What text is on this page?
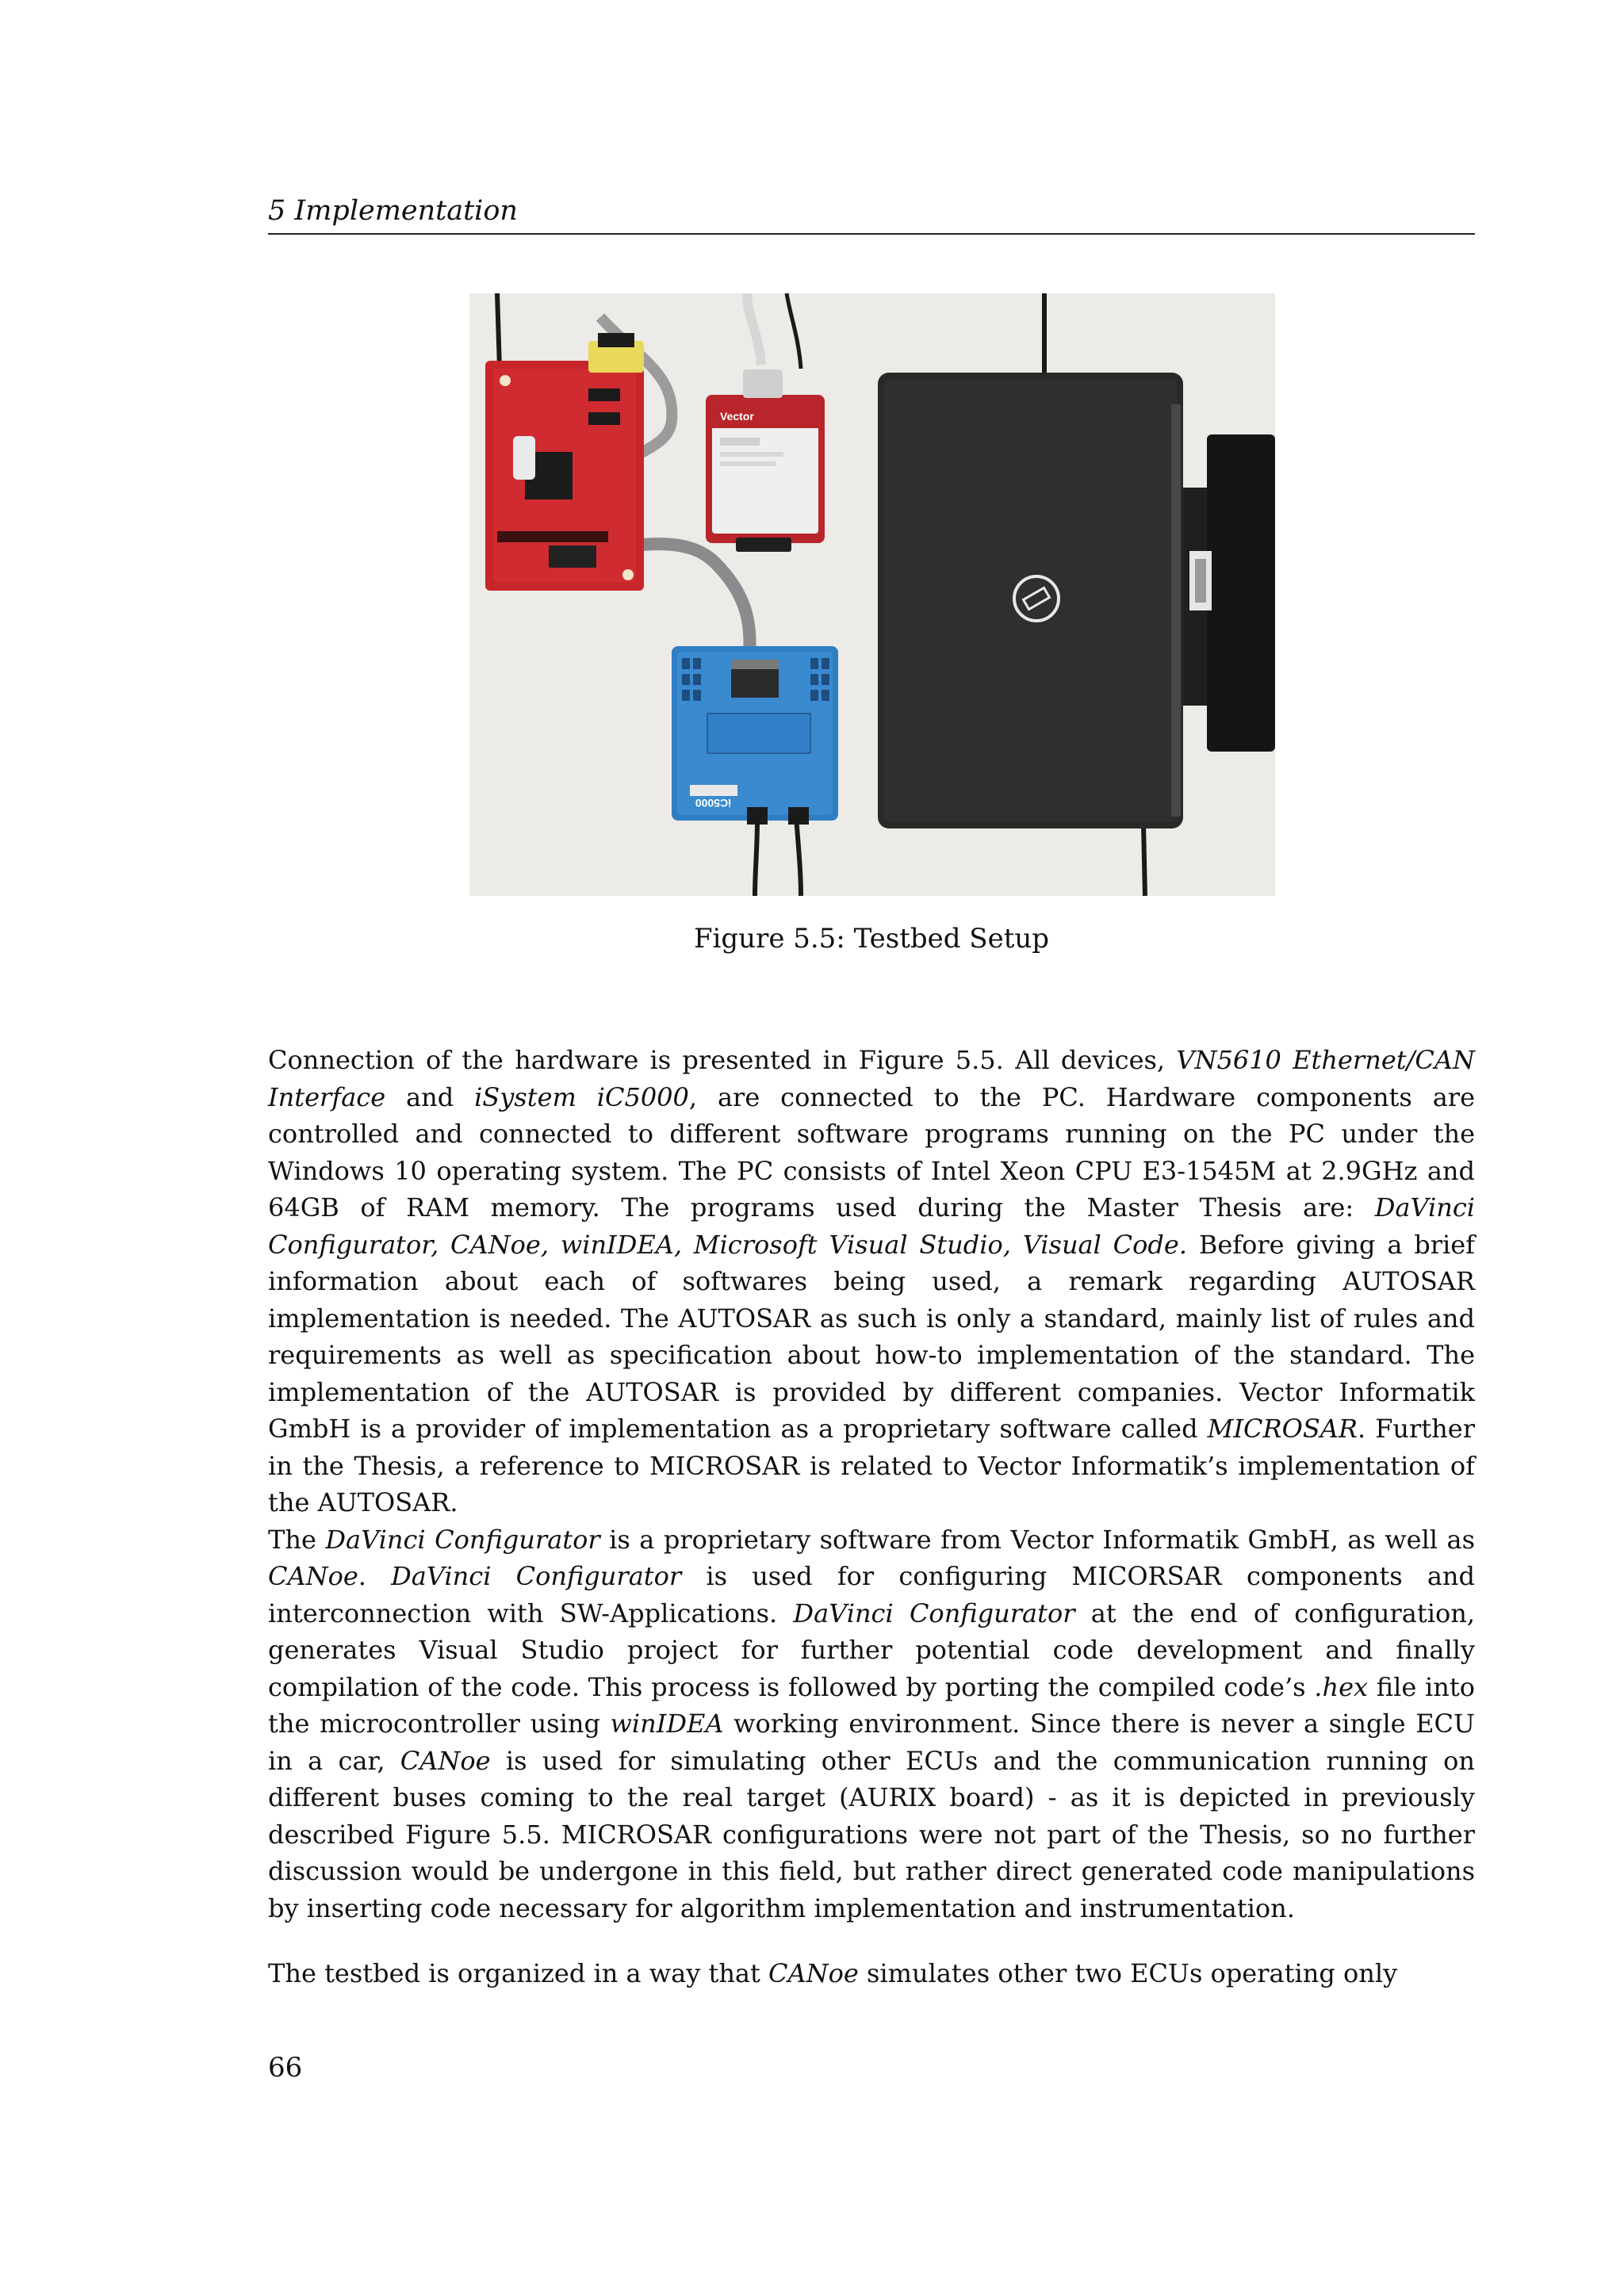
5 Implementation
Vector
iC5000
Figure 5.5: Testbed Setup

Connection of the hardware is presented in Figure 5.5. All devices, VN5610 Ethernet/CAN Interface and iSystem iC5000, are connected to the PC. Hardware components are controlled and connected to different software programs running on the PC under the Windows 10 operating system. The PC consists of Intel Xeon CPU E3-1545M at 2.9GHz and 64GB of RAM memory. The programs used during the Master Thesis are: DaVinci Configurator, CANoe, winIDEA, Microsoft Visual Studio, Visual Code. Before giving a brief information about each of softwares being used, a remark regarding AUTOSAR implementation is needed. The AUTOSAR as such is only a standard, mainly list of rules and requirements as well as specification about how-to implementation of the standard. The implementation of the AUTOSAR is provided by different companies. Vector Informatik GmbH is a provider of implementation as a proprietary software called MICROSAR. Further in the Thesis, a reference to MICROSAR is related to Vector Informatik’s implementation of the AUTOSAR.

The DaVinci Configurator is a proprietary software from Vector Informatik GmbH, as well as CANoe. DaVinci Configurator is used for configuring MICORSAR components and interconnection with SW-Applications. DaVinci Configurator at the end of configuration, generates Visual Studio project for further potential code development and finally compilation of the code. This process is followed by porting the compiled code’s .hex file into the microcontroller using winIDEA working environment. Since there is never a single ECU in a car, CANoe is used for simulating other ECUs and the communication running on different buses coming to the real target (AURIX board) - as it is depicted in previously described Figure 5.5. MICROSAR configurations were not part of the Thesis, so no further discussion would be undergone in this field, but rather direct generated code manipulations by inserting code necessary for algorithm implementation and instrumentation.

The testbed is organized in a way that CANoe simulates other two ECUs operating only

66
